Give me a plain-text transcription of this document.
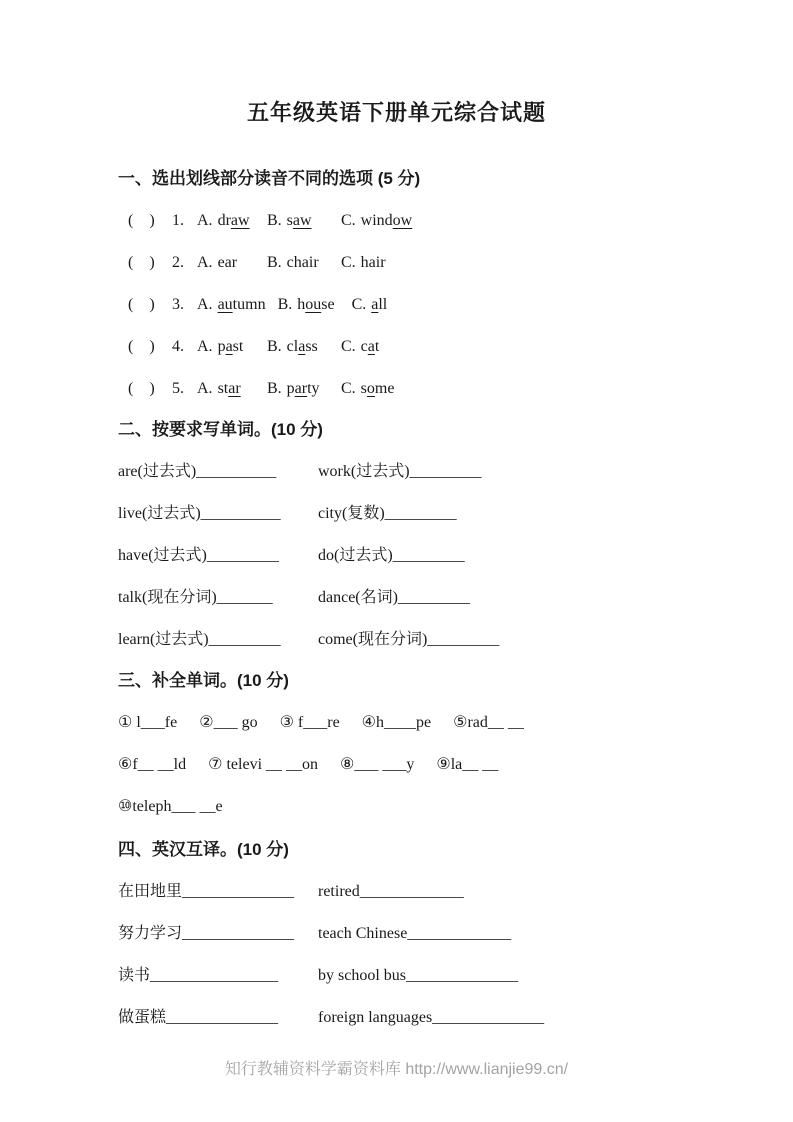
五年级英语下册单元综合试题
一、选出划线部分读音不同的选项 (5 分)
(    )	1. A. draw	B. saw	C. window
(    )	2. A. ear	B. chair	C. hair
(    )	3. A. autumn B. house	C. all
(    )	4. A. past	B. class	C. cat
(    )	5. A. star	B. party	C. some
二、按要求写单词。(10 分)
are(过去式)__________	work(过去式)_________
live(过去式)__________	city(复数)_________
have(过去式)_________	do(过去式)_________
talk(现在分词)_______	dance(名词)_________
learn(过去式)_________	come(现在分词)_________
三、补全单词。(10 分)
① l___fe ②___ go ③ f___re ④h____pe ⑤rad__ __
⑥f__ __ld ⑦ televi __ __on ⑧___ ___y ⑨la__ __
⑩teleph___ __e
四、英汉互译。(10 分)
在田地里______________	retired_____________
努力学习______________	teach Chinese_____________
读书________________	by school bus______________
做蛋糕______________	foreign languages______________
知行教辅资料学霸资料库 http://www.lianjie99.cn/
